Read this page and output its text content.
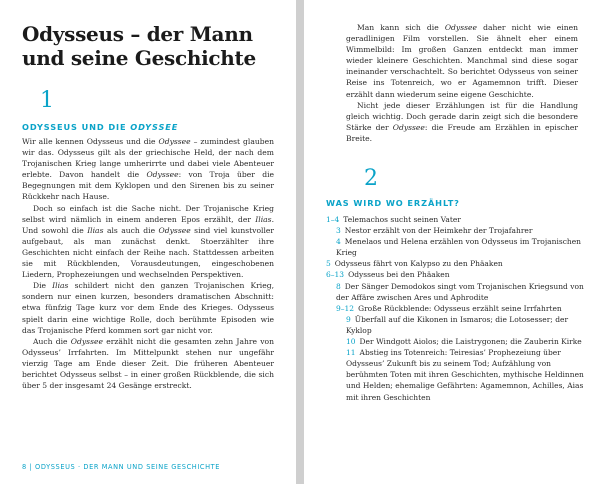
Odysseus – der Mann und seine Geschichte
1
ODYSSEUS UND DIE ODYSSEE

Wir alle kennen Odysseus und die Odyssee – zumindest glauben wir das. Odysseus gilt als der griechische Held, der nach dem Trojanischen Krieg lange umherirrte und dabei viele Abenteuer erlebte. Davon handelt die Odyssee: von Troja über die Begegnungen mit dem Kyklopen und den Sirenen bis zu seiner Rückkehr nach Hause.

Doch so einfach ist die Sache nicht. Der Trojanische Krieg selbst wird nämlich in einem anderen Epos erzählt, der Ilias. Und sowohl die Ilias als auch die Odyssee sind viel kunstvoller aufgebaut, als man zunächst denkt. Stoerzählter ihre Geschichten nicht einfach der Reihe nach. Stattdessen arbeiten sie mit Rückblenden, Vorausdeutungen, eingeschobenen Liedern, Prophezeiungen und wechselnden Perspektiven.

Die Ilias schildert nicht den ganzen Trojanischen Krieg, sondern nur einen kurzen, besonders dramatischen Abschnitt: etwa fünfzig Tage kurz vor dem Ende des Krieges. Odysseus spielt darin eine wichtige Rolle, doch berühmte Episoden wie das Trojanische Pferd kommen sort gar nicht vor.

Auch die Odyssee erzählt nicht die gesamten zehn Jahre von Odysseus’ Irrfahrten. Im Mittelpunkt stehen nur ungefähr vierzig Tage am Ende dieser Zeit. Die früheren Abenteuer berichtet Odysseus selbst – in einer großen Rückblende, die sich über 5 der insgesamt 24 Gesänge erstreckt.

8 | ODYSSEUS · DER MANN UND SEINE GESCHICHTE

Man kann sich die Odyssee daher nicht wie einen geradlinigen Film vorstellen. Sie ähnelt eher einem Wimmelbild: Im großen Ganzen entdeckt man immer wieder kleinere Geschichten. Manchmal sind diese sogar ineinander verschachtelt. So berichtet Odysseus von seiner Reise ins Totenreich, wo er Agamemnon trifft. Dieser erzählt dann wiederum seine eigene Geschichte.

Nicht jede dieser Erzählungen ist für die Handlung gleich wichtig. Doch gerade darin zeigt sich die besondere Stärke der Odyssee: die Freude am Erzählen in epischer Breite.

2
WAS WIRD WO ERZÄHLT?
1–4 Telemachos sucht seinen Vater
3 Nestor erzählt von der Heimkehr der Trojafahrer
4 Menelaos und Helena erzählen von Odysseus im Trojanischen Krieg
5 Odysseus fährt von Kalypso zu den Phäaken
6–13 Odysseus bei den Phäaken
8 Der Sänger Demodokos singt vom Trojanischen Kriegsund von der Affäre zwischen Ares und Aphrodite
9–12 Große Rückblende: Odysseus erzählt seine Irrfahrten
9 Überfall auf die Kikonen in Ismaros; die Lotosesser; der Kyklop
10 Der Windgott Aiolos; die Laistrygonen; die Zauberin Kirke
11 Abstieg ins Totenreich: Teiresias’ Prophezeiung über Odysseus’ Zukunft bis zu seinem Tod; Aufzählung von berühmten Toten mit ihren Geschichten, mythische Heldinnen und Helden; ehemalige Gefährten: Agamemnon, Achilles, Aias mit ihren Geschichten
